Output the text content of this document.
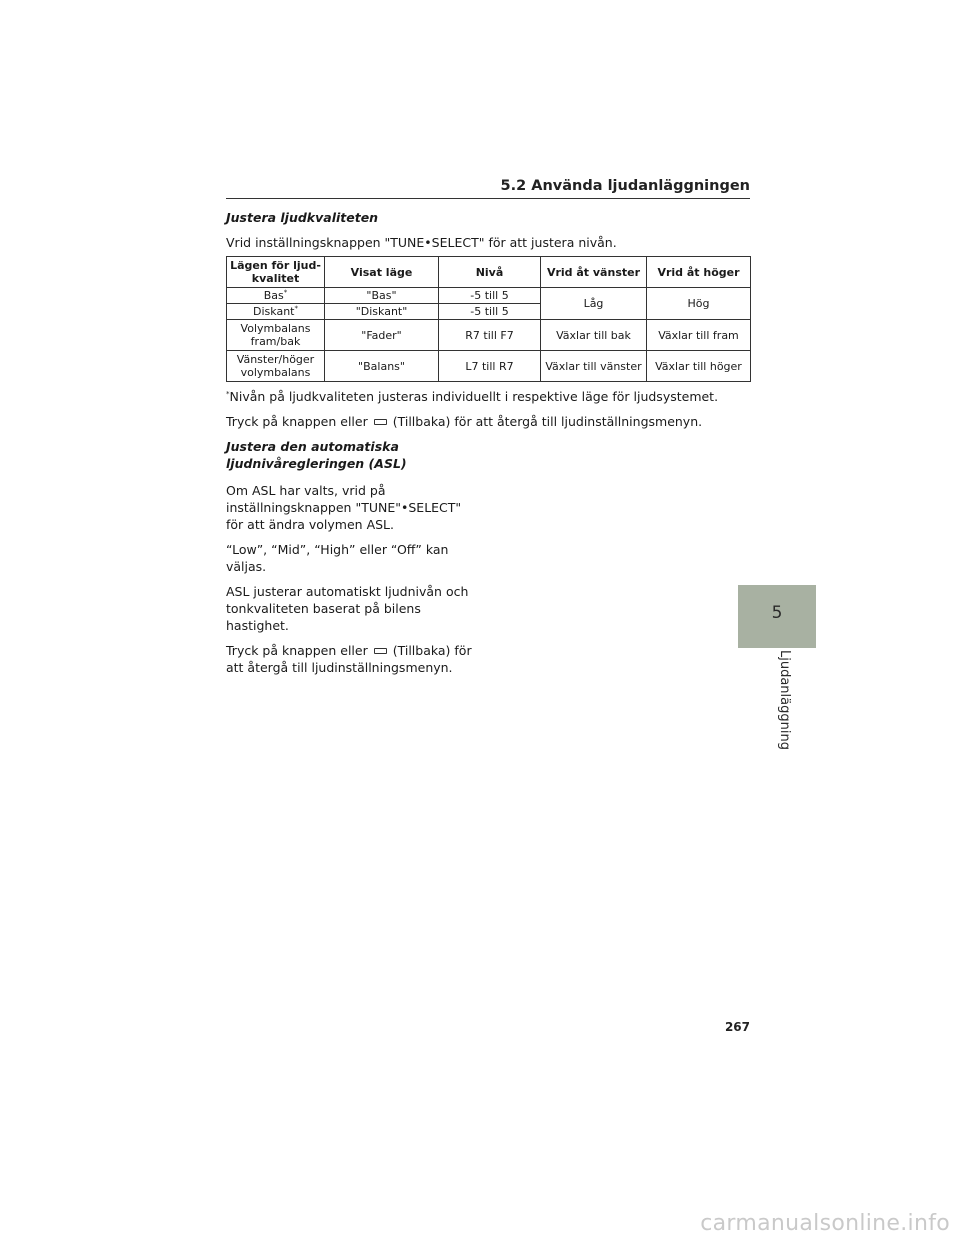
5.2 Använda ljudanläggningen

Justera ljudkvaliteten

Vrid inställningsknappen "TUNE•SELECT" för att justera nivån.

Lägen för ljud-kvalitet	Visat läge	Nivå	Vrid åt vänster	Vrid åt höger
Bas*	"Bas"	-5 till 5	Låg	Hög
Diskant*	"Diskant"	-5 till 5		
Volymbalans fram/bak	"Fader"	R7 till F7	Växlar till bak	Växlar till fram
Vänster/höger volymbalans	"Balans"	L7 till R7	Växlar till vänster	Växlar till höger

*Nivån på ljudkvaliteten justeras individuellt i respektive läge för ljudsystemet.

Tryck på knappen eller (Tillbaka) för att återgå till ljudinställningsmenyn.

Justera den automatiska
ljudnivåregleringen (ASL)

Om ASL har valts, vrid på inställningsknappen "TUNE"•SELECT" för att ändra volymen ASL.

“Low”, “Mid”, “High” eller “Off” kan väljas.

ASL justerar automatiskt ljudnivån och tonkvaliteten baserat på bilens hastighet.

Tryck på knappen eller (Tillbaka) för att återgå till ljudinställningsmenyn.

5
Ljudanläggning
267
carmanualsonline.info
